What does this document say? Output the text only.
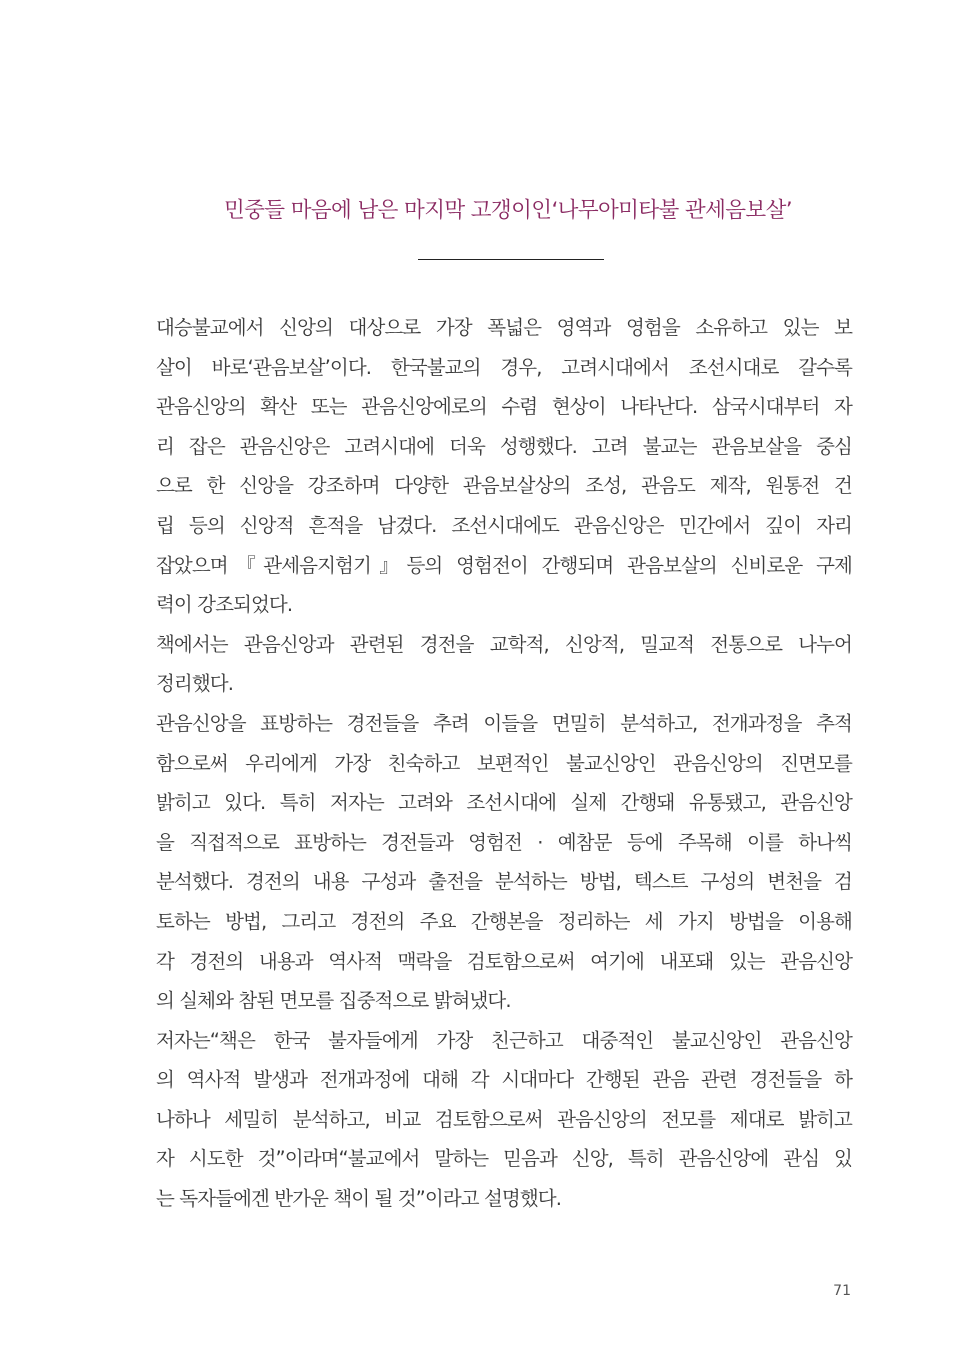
민중들 마음에 남은 마지막 고갱이인‘나무아미타불 관세음보살’
대승불교에서 신앙의 대상으로 가장 폭넓은 영역과 영험을 소유하고 있는 보
살이 바로‘관음보살’이다. 한국불교의 경우, 고려시대에서 조선시대로 갈수록
관음신앙의 확산 또는 관음신앙에로의 수렴 현상이 나타난다. 삼국시대부터 자
리 잡은 관음신앙은 고려시대에 더욱 성행했다. 고려 불교는 관음보살을 중심
으로 한 신앙을 강조하며 다양한 관음보살상의 조성, 관음도 제작, 원통전 건
립 등의 신앙적 흔적을 남겼다. 조선시대에도 관음신앙은 민간에서 깊이 자리
잡았으며『관세음지험기』등의 영험전이 간행되며 관음보살의 신비로운 구제
력이 강조되었다.
책에서는 관음신앙과 관련된 경전을 교학적, 신앙적, 밀교적 전통으로 나누어
정리했다.
관음신앙을 표방하는 경전들을 추려 이들을 면밀히 분석하고, 전개과정을 추적
함으로써 우리에게 가장 친숙하고 보편적인 불교신앙인 관음신앙의 진면모를
밝히고 있다. 특히 저자는 고려와 조선시대에 실제 간행돼 유통됐고, 관음신앙
을 직접적으로 표방하는 경전들과 영험전 · 예참문 등에 주목해 이를 하나씩
분석했다. 경전의 내용 구성과 출전을 분석하는 방법, 텍스트 구성의 변천을 검
토하는 방법, 그리고 경전의 주요 간행본을 정리하는 세 가지 방법을 이용해
각 경전의 내용과 역사적 맥락을 검토함으로써 여기에 내포돼 있는 관음신앙
의 실체와 참된 면모를 집중적으로 밝혀냈다.
저자는“책은 한국 불자들에게 가장 친근하고 대중적인 불교신앙인 관음신앙
의 역사적 발생과 전개과정에 대해 각 시대마다 간행된 관음 관련 경전들을 하
나하나 세밀히 분석하고, 비교 검토함으로써 관음신앙의 전모를 제대로 밝히고
자 시도한 것”이라며“불교에서 말하는 믿음과 신앙, 특히 관음신앙에 관심 있
는 독자들에겐 반가운 책이 될 것”이라고 설명했다.
71
